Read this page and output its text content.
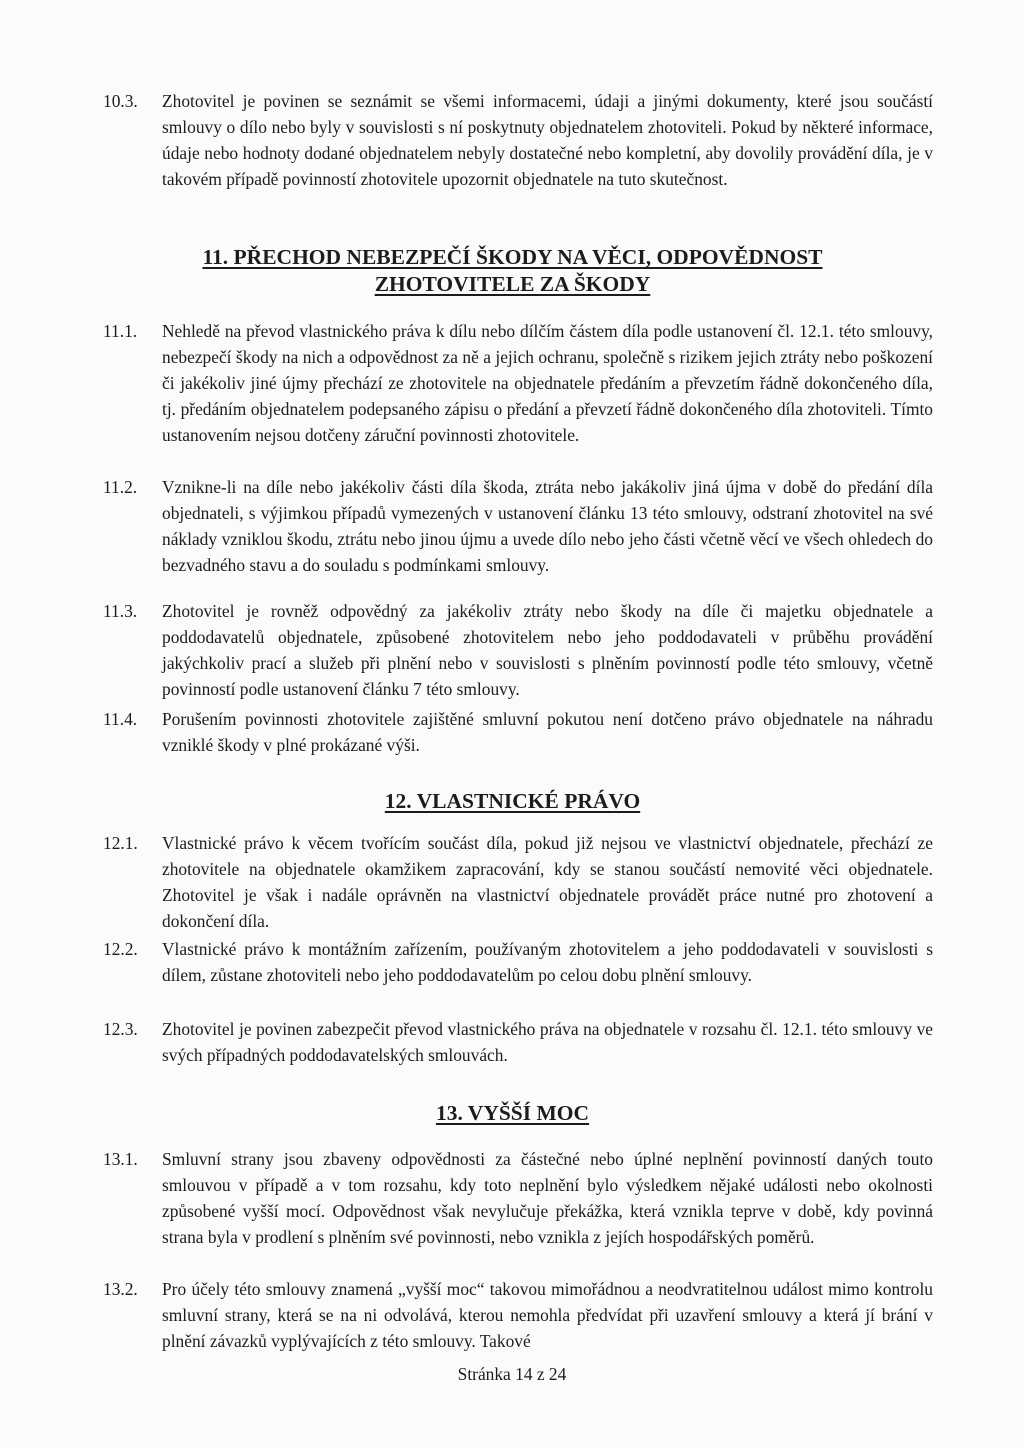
10.3.	Zhotovitel je povinen se seznámit se všemi informacemi, údaji a jinými dokumenty, které jsou součástí smlouvy o dílo nebo byly v souvislosti s ní poskytnuty objednatelem zhotoviteli. Pokud by některé informace, údaje nebo hodnoty dodané objednatelem nebyly dostatečné nebo kompletní, aby dovolily provádění díla, je v takovém případě povinností zhotovitele upozornit objednatele na tuto skutečnost.
11. PŘECHOD NEBEZPEČÍ ŠKODY NA VĚCI, ODPOVĚDNOST
ZHOTOVITELE ZA ŠKODY
11.1.	Nehledě na převod vlastnického práva k dílu nebo dílčím částem díla podle ustanovení čl. 12.1. této smlouvy, nebezpečí škody na nich a odpovědnost za ně a jejich ochranu, společně s rizikem jejich ztráty nebo poškození či jakékoliv jiné újmy přechází ze zhotovitele na objednatele předáním a převzetím řádně dokončeného díla, tj. předáním objednatelem podepsaného zápisu o předání a převzetí řádně dokončeného díla zhotoviteli. Tímto ustanovením nejsou dotčeny záruční povinnosti zhotovitele.
11.2.	Vznikne-li na díle nebo jakékoliv části díla škoda, ztráta nebo jakákoliv jiná újma v době do předání díla objednateli, s výjimkou případů vymezených v ustanovení článku 13 této smlouvy, odstraní zhotovitel na své náklady vzniklou škodu, ztrátu nebo jinou újmu a uvede dílo nebo jeho části včetně věcí ve všech ohledech do bezvadného stavu a do souladu s podmínkami smlouvy.
11.3.	Zhotovitel je rovněž odpovědný za jakékoliv ztráty nebo škody na díle či majetku objednatele a poddodavatelů objednatele, způsobené zhotovitelem nebo jeho poddodavateli v průběhu provádění jakýchkoliv prací a služeb při plnění nebo v souvislosti s plněním povinností podle této smlouvy, včetně povinností podle ustanovení článku 7 této smlouvy.
11.4.	Porušením povinnosti zhotovitele zajištěné smluvní pokutou není dotčeno právo objednatele na náhradu vzniklé škody v plné prokázané výši.
12. VLASTNICKÉ PRÁVO
12.1.	Vlastnické právo k věcem tvořícím součást díla, pokud již nejsou ve vlastnictví objednatele, přechází ze zhotovitele na objednatele okamžikem zapracování, kdy se stanou součástí nemovité věci objednatele. Zhotovitel je však i nadále oprávněn na vlastnictví objednatele provádět práce nutné pro zhotovení a dokončení díla.
12.2.	Vlastnické právo k montážním zařízením, používaným zhotovitelem a jeho poddodavateli v souvislosti s dílem, zůstane zhotoviteli nebo jeho poddodavatelům po celou dobu plnění smlouvy.
12.3.	Zhotovitel je povinen zabezpečit převod vlastnického práva na objednatele v rozsahu čl. 12.1. této smlouvy ve svých případných poddodavatelských smlouvách.
13. VYŠŠÍ MOC
13.1.	Smluvní strany jsou zbaveny odpovědnosti za částečné nebo úplné neplnění povinností daných touto smlouvou v případě a v tom rozsahu, kdy toto neplnění bylo výsledkem nějaké události nebo okolnosti způsobené vyšší mocí. Odpovědnost však nevylučuje překážka, která vznikla teprve v době, kdy povinná strana byla v prodlení s plněním své povinnosti, nebo vznikla z jejích hospodářských poměrů.
13.2.	Pro účely této smlouvy znamená „vyšší moc“ takovou mimořádnou a neodvratitelnou událost mimo kontrolu smluvní strany, která se na ni odvolává, kterou nemohla předvídat při uzavření smlouvy a která jí brání v plnění závazků vyplývajících z této smlouvy. Takové
Stránka 14 z 24
